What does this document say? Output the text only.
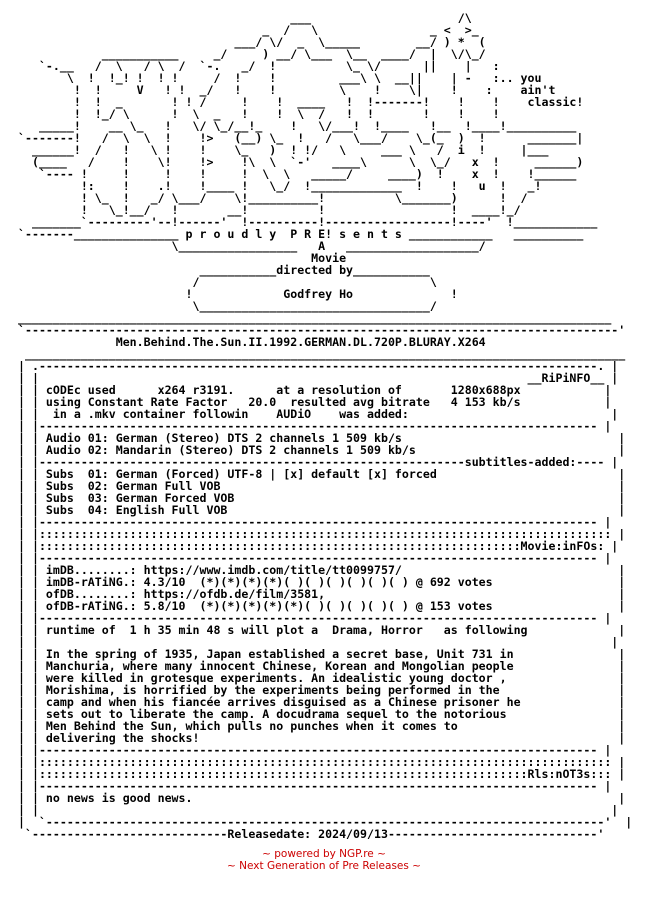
___                     /\
_  /   \                _ <  >_
___/ \/  _  \_____        __/ ) *  (
___________     _/     ) __/ \___  \__  ____/  |  \/\_/
`-.__   /  \   / \  /  `-.   _/  !          \_ \/      ||    |   :
\  !  !_! !  ! !     /  !    !         ___\ \  __||    | -   :.. you
!  !     V   ! !  _/   !    !         \    !    \|    !    :    ain't
!  !  _       ! ! /     !    !  ____   !  !-------!    !    !    classic!
!  !_/ \      !  \  _   !    !  \  /   !  !       !    !    !
_____!    __ \_   !   \/ \_/__!_    !   \/___!  !____   !__  !____!__________
`-------!   /  \  \  !    !>   (__) \_  !   /   \___/    \_(_  )  !      _______|
______!  /   !   \ !    !    \_   )  ! !/   \     ___ \   /  i  !     |___
(____   /    !    \!    !>    !\  \  `-'   ____\      \  \_/   x  !     ______)
`---- !     !     !    !     !  \  \   _____/     ____)  !    x  !    !______
!:    !    .!    !____ !   \_/  !_____________  !    !   u  !   _!
! \_  !   _/ \___/    \!__________!          \_______)      !  /
!   \_!__/   !       __!          !                  !  ____!_/
_______`---------'--!------'  !----------!------------------!----'  !____________
`-------_______________ p r o u d l y  P R E! s e n t s ____________   __________
\_________________   A   ___________________/
Movie
___________directed by___________
/                                 \
!             Godfrey Ho              !
\_________________________________/
_____________________________________________________________________________________
`-------------------------------------------------------------------------------------'
Men.Behind.The.Sun.II.1992.GERMAN.DL.720P.BLURAY.X264
______________________________________________________________________________________
| .--------------------------------------------------------------------------------. |
| |                                                                      __RiPiNFO__ |
| | cODEc used      x264 r3191.      at a resolution of       1280x688px            |
| | using Constant Rate Factor   20.0  resulted avg bitrate   4 153 kb/s            |
| |  in a .mkv container followin    AUDiO    was added:                             |
| |-------------------------------------------------------------------------------- |
| | Audio 01: German (Stereo) DTS 2 channels 1 509 kb/s                               |
| | Audio 02: Mandarin (Stereo) DTS 2 channels 1 509 kb/s                             |
| |-------------------------------------------------------------subtitles-added:---- |
| | Subs  01: German (Forced) UTF-8 | [x] default [x] forced                          |
| | Subs  02: German Full VOB                                                         |
| | Subs  03: German Forced VOB                                                       |
| | Subs  04: English Full VOB                                                        |
| |-------------------------------------------------------------------------------- |
| |:::::::::::::::::::::::::::::::::::::::::::::::::::::::::::::::::::::::::::::::::: |
| |:::::::::::::::::::::::::::::::::::::::::::::::::::::::::::::::::::::Movie:inFOs: |
| |-------------------------------------------------------------------------------- |
| | imDB........: https://www.imdb.com/title/tt0099757/                               |
| | imDB-rATiNG.: 4.3/10  (*)(*)(*)(*)( )( )( )( )( )( ) @ 692 votes                  |
| | ofDB........: https://ofdb.de/film/3581,                                          |
| | ofDB-rATiNG.: 5.8/10  (*)(*)(*)(*)(*)( )( )( )( )( ) @ 153 votes                  |
| |-------------------------------------------------------------------------------- |
| | runtime of  1 h 35 min 48 s will plot a  Drama, Horror   as following             |
| |                                                                                  |
| | In the spring of 1935, Japan established a secret base, Unit 731 in               |
| | Manchuria, where many innocent Chinese, Korean and Mongolian people               |
| | were killed in grotesque experiments. An idealistic young doctor ,                |
| | Morishima, is horrified by the experiments being performed in the                 |
| | camp and when his fiancée arrives disguised as a Chinese prisoner he              |
| | sets out to liberate the camp. A docudrama sequel to the notorious                |
| | Men Behind the Sun, which pulls no punches when it comes to                       |
| | delivering the shocks!                                                            |
| |-------------------------------------------------------------------------------- |
| |:::::::::::::::::::::::::::::::::::::::::::::::::::::::::::::::::::::::::::::::::: |
| |::::::::::::::::::::::::::::::::::::::::::::::::::::::::::::::::::::::Rls:nOT3s::: |
| |-------------------------------------------------------------------------------- |
| | no news is good news.                                                             |
| |                                                                                  |
|  `--------------------------------------------------------------------------------'  |
`----------------------------Releasedate: 2024/09/13------------------------------'
~ powered by NGP.re ~
~ Next Generation of Pre Releases ~
